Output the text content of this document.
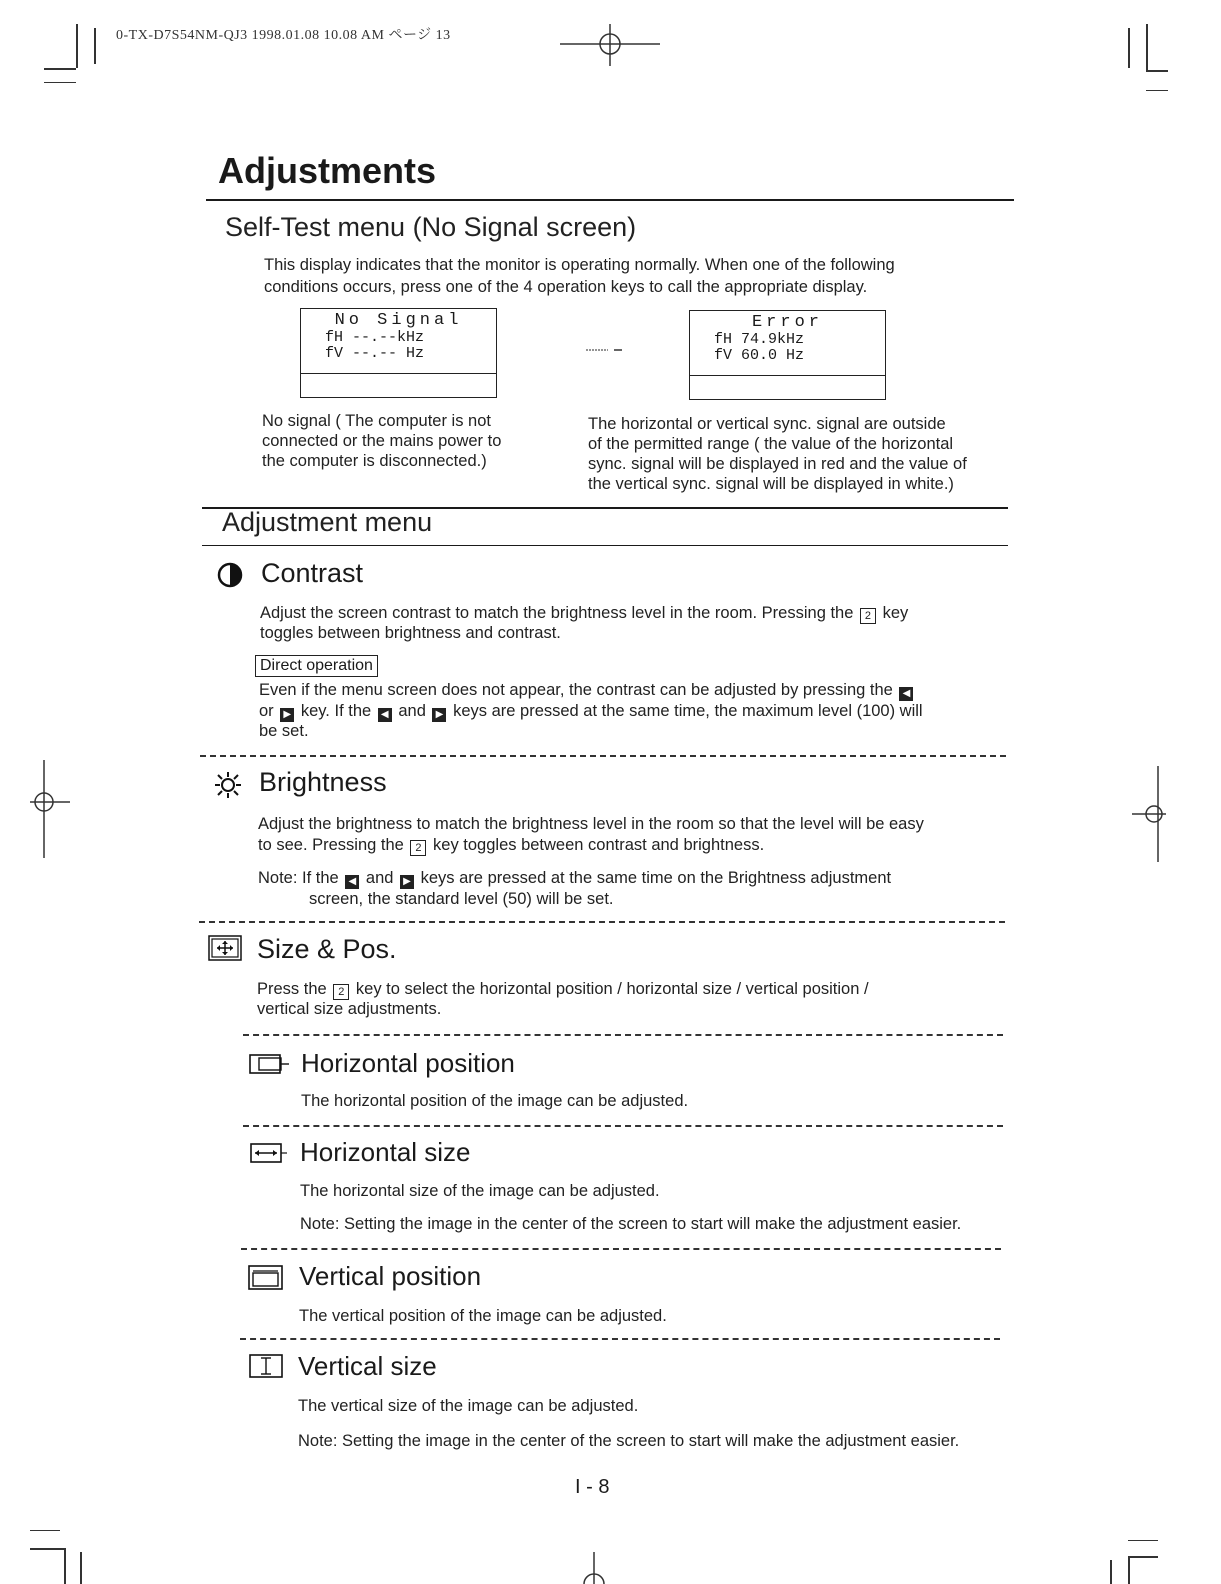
0-TX-D7S54NM-QJ3 1998.01.08 10.08 AM ページ 13
Adjustments
Self-Test menu (No Signal screen)
This display indicates that the monitor is operating normally. When one of the following
conditions occurs, press one of the 4 operation keys to call the appropriate display.
No Signal
fH --.--kHz
fV --.-- Hz
Error
fH 74.9kHz
fV 60.0 Hz
No signal ( The computer is not
connected or the mains power to
the computer is disconnected.)
The horizontal or vertical sync. signal are outside
of the permitted range ( the value of the horizontal
sync. signal will be displayed in red and the value of
the vertical sync. signal will be displayed in white.)
Adjustment menu
Contrast
Adjust the screen contrast to match the brightness level in the room. Pressing the 2 key
toggles between brightness and contrast.
Direct operation
Even if the menu screen does not appear, the contrast can be adjusted by pressing the ◀
or ▶ key. If the ◀ and ▶ keys are pressed at the same time, the maximum level (100) will
be set.
Brightness
Adjust the brightness to match the brightness level in the room so that the level will be easy
to see. Pressing the 2 key toggles between contrast and brightness.
Note: If the ◀ and ▶ keys are pressed at the same time on the Brightness adjustment
screen, the standard level (50) will be set.
Size & Pos.
Press the 2 key to select the horizontal position / horizontal size / vertical position /
vertical size adjustments.
Horizontal position
The horizontal position of the image can be adjusted.
Horizontal size
The horizontal size of the image can be adjusted.
Note: Setting the image in the center of the screen to start will make the adjustment easier.
Vertical position
The vertical position of the image can be adjusted.
Vertical size
The vertical size of the image can be adjusted.
Note: Setting the image in the center of the screen to start will make the adjustment easier.
I - 8
